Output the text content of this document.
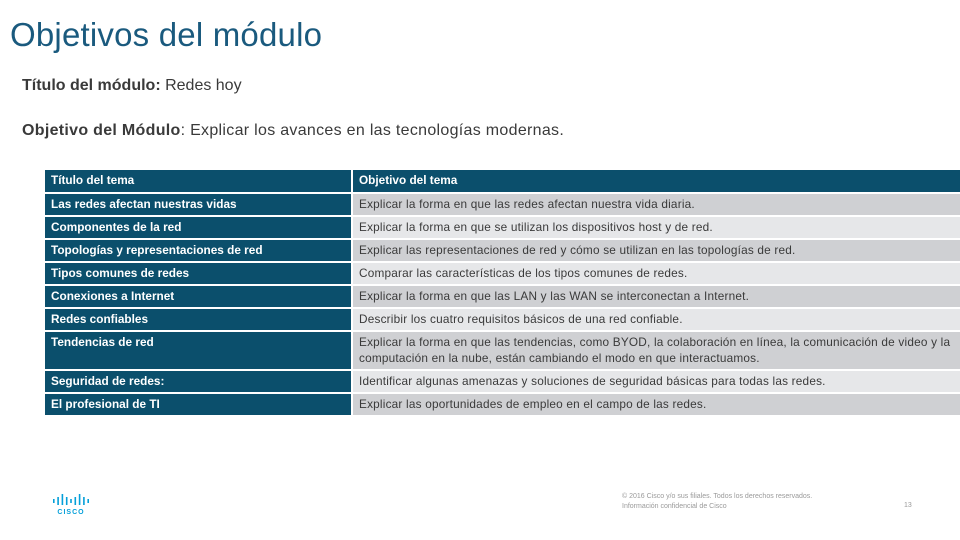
Objetivos del módulo

Título del módulo: Redes hoy

Objetivo del Módulo: Explicar los avances en las tecnologías modernas.

Título del tema	Objetivo del tema
Las redes afectan nuestras vidas	Explicar la forma en que las redes afectan nuestra vida diaria.
Componentes de la red	Explicar la forma en que se utilizan los dispositivos host y de red.
Topologías y representaciones de red	Explicar las representaciones de red y cómo se utilizan en las topologías de red.
Tipos comunes de redes	Comparar las características de los tipos comunes de redes.
Conexiones a Internet	Explicar la forma en que las LAN y las WAN se interconectan a Internet.
Redes confiables	Describir los cuatro requisitos básicos de una red confiable.
Tendencias de red	Explicar la forma en que las tendencias, como BYOD, la colaboración en línea, la comunicación de video y la computación en la nube, están cambiando el modo en que interactuamos.
Seguridad de redes:	Identificar algunas amenazas y soluciones de seguridad básicas para todas las redes.
El profesional de TI	Explicar las oportunidades de empleo en el campo de las redes.
CISCO

© 2016 Cisco y/o sus filiales. Todos los derechos reservados.
Información confidencial de Cisco	13
